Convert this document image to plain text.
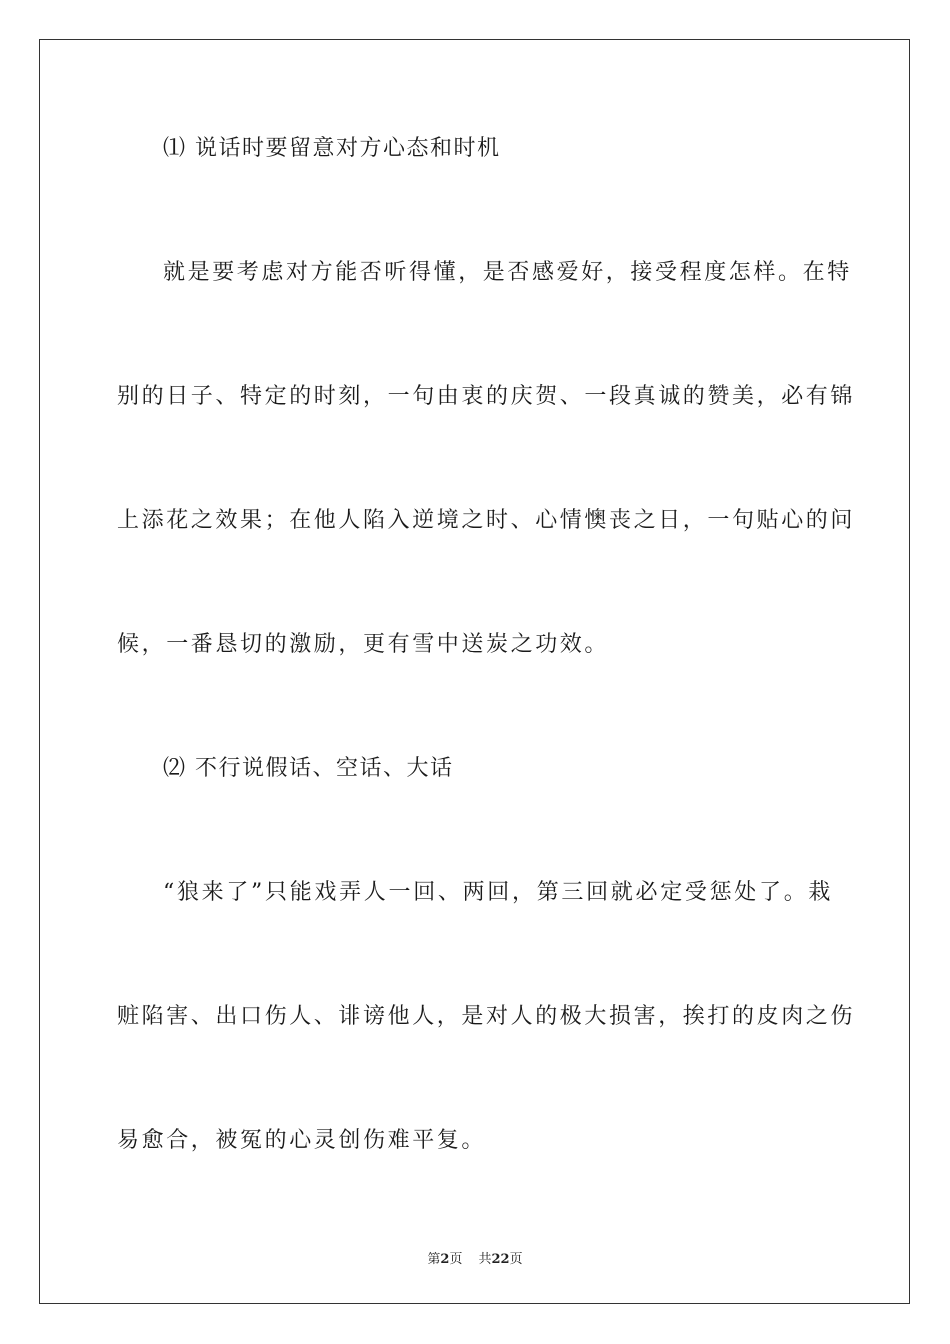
⑴ 说话时要留意对方心态和时机
就是要考虑对方能否听得懂，是否感爱好，接受程度怎样。在特
别的日子、特定的时刻，一句由衷的庆贺、一段真诚的赞美，必有锦
上添花之效果；在他人陷入逆境之时、心情懊丧之日，一句贴心的问
候，一番恳切的激励，更有雪中送炭之功效。
⑵ 不行说假话、空话、大话
“狼来了”只能戏弄人一回、两回，第三回就必定受惩处了。栽
赃陷害、出口伤人、诽谤他人，是对人的极大损害，挨打的皮肉之伤
易愈合，被冤的心灵创伤难平复。
第2页 共22页
